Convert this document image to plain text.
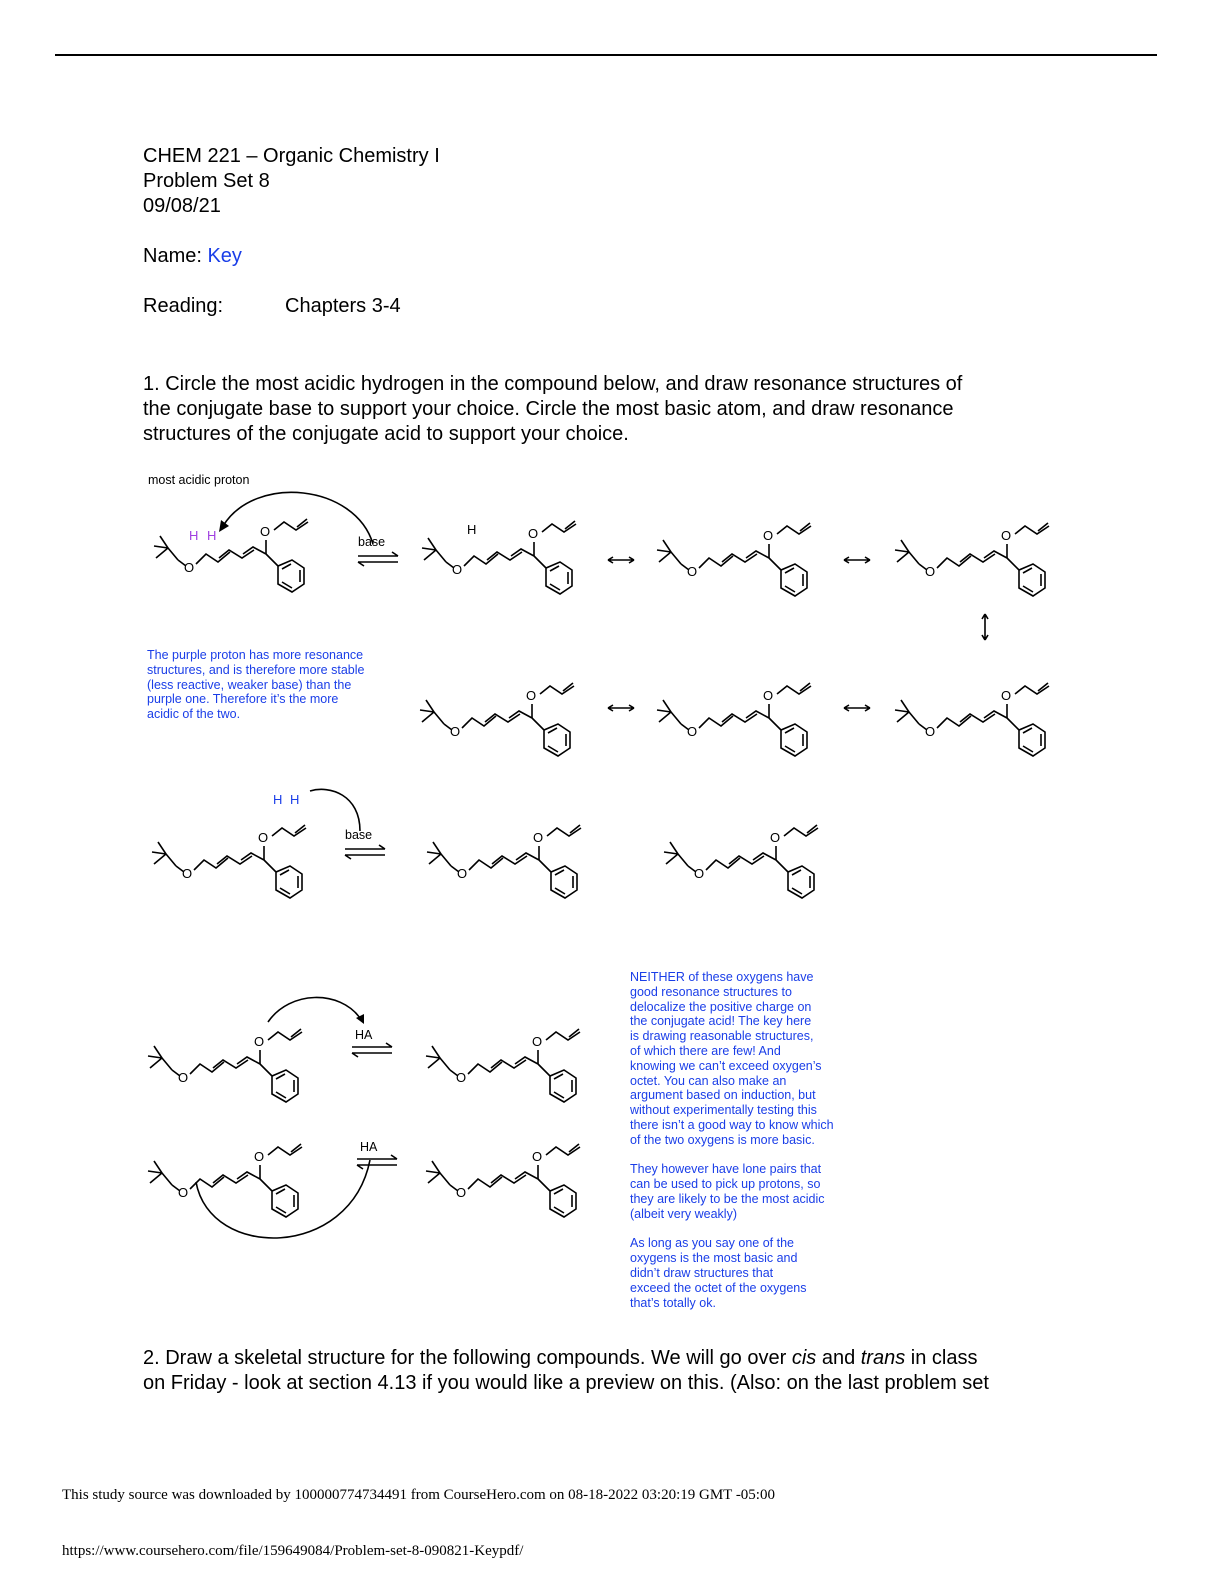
CHEM 221 – Organic Chemistry I
Problem Set 8
09/08/21
Name: Key
Reading:	Chapters 3-4
1. Circle the most acidic hydrogen in the compound below, and draw resonance structures of
the conjugate base to support your choice. Circle the most basic atom, and draw resonance
structures of the conjugate acid to support your choice.
most acidic proton
O
H H	base
H
The purple proton has more resonance
structures, and is therefore more stable
(less reactive, weaker base) than the
purple one. Therefore it’s the more
acidic of the two.
H H
base
HA
HA
NEITHER of these oxygens have
good resonance structures to
delocalize the positive charge on
the conjugate acid! The key here
is drawing reasonable structures,
of which there are few! And
knowing we can’t exceed oxygen’s
octet. You can also make an
argument based on induction, but
without experimentally testing this
there isn’t a good way to know which
of the two oxygens is more basic.
They however have lone pairs that
can be used to pick up protons, so
they are likely to be the most acidic
(albeit very weakly)
As long as you say one of the
oxygens is the most basic and
didn’t draw structures that
exceed the octet of the oxygens
that’s totally ok.
2. Draw a skeletal structure for the following compounds. We will go over cis and trans in class
on Friday - look at section 4.13 if you would like a preview on this. (Also: on the last problem set
This study source was downloaded by 100000774734491 from CourseHero.com on 08-18-2022 03:20:19 GMT -05:00
https://www.coursehero.com/file/159649084/Problem-set-8-090821-Keypdf/
